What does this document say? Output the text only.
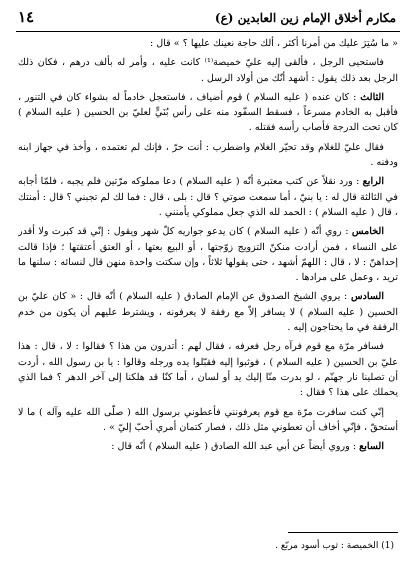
١٤	مكارم أخلاق الإمام زين العابدين (ع)

« ما سُتِرَ عليك من أمرنا أكثر ، ألك حاجة نعينك عليها ؟ » قال :

فاستحيى الرجل ، فألقى إليه عليّ خميصة⁽¹⁾ كانت عليه ، وأمر له بألف درهم ، فكان ذلك الرجل بعد ذلك يقول : أشهد أنّك من أولاد الرسل .

الثالث : كان عنده ( عليه السلام ) قوم أضياف ، فاستعجل خادماً له بشواء كان في التنور ، فأقبل به الخادم مسرعاً ، فسقط السفّود منه على رأس بُنَيٍّ لعليّ بن الحسين ( عليه السلام ) كان تحت الدرجة فأصاب رأسه فقتله .

فقال عليّ للغلام وقد تحيّر الغلام واضطرب : أنت حرّ ، فإنك لم تعتمده ، وأخذ في جهاز ابنه ودفنه .

الرابع : ورد نقلاً عن كتب معتبرة أنّه ( عليه السلام ) دعا مملوكه مرّتين فلم يجبه ، فلمّا أجابه في الثالثة قال له : يا بنيّ ، أما سمعت صوتي ؟ قال : بلى ، قال : فما لك لم تجبني ؟ قال : أمنتك ، قال ( عليه السلام ) : الحمد لله الذي جعل مملوكي يأمنني .

الخامس : روي أنّه ( عليه السلام ) كان يدعو جواريه كلّ شهر ويقول : إنّي قد كبرت ولا أقدر على النساء ، فمن أرادت منكنّ التزويج زوّجتها ، أو البيع بعتها ، أو العتق أعتقتها ؛ فإذا قالت إحداهنّ : لا ، قال : اللهمّ أشهد ، حتى يقولها ثلاثاً ، وإن سكتت واحدة منهن قال لنسائه : سلنها ما تريد ، وعمل على مرادها .

السادس : يروي الشيخ الصدوق عن الإمام الصادق ( عليه السلام ) أنّه قال : « كان عليّ بن الحسين ( عليه السلام ) لا يسافر إلاّ مع رفقة لا يعرفونه ، ويشترط عليهم أن يكون من خدم الرفقة في ما يحتاجون إليه .

فسافر مرّة مع قوم فرآه رجل فعرفه ، فقال لهم : أتدرون من هذا ؟ فقالوا : لا ، قال : هذا عليّ بن الحسين ( عليه السلام ) ، فوثبوا إليه فقبّلوا يده ورجله وقالوا : يا بن رسول الله ، أردت أن تصلينا نار جهنّم ، لو بدرت منّا إليك يد أو لسان ، أما كنّا قد هلكنا إلى آخر الدهر ؟ فما الذي يحملك على هذا ؟ فقال :

إنّي كنت سافرت مرّة مع قوم يعرفونني فأعطوني برسول الله ( صلّى الله عليه وآله ) ما لا أستحقّ ، فإنّي أخاف أن تعطوني مثل ذلك ، فصار كتمان أمري أحبّ إليّ » .

السابع : وروي أيضاً عن أبي عبد الله الصادق ( عليه السلام ) أنّه قال :

(1) الخميصة : ثوب أسود مربّع .
